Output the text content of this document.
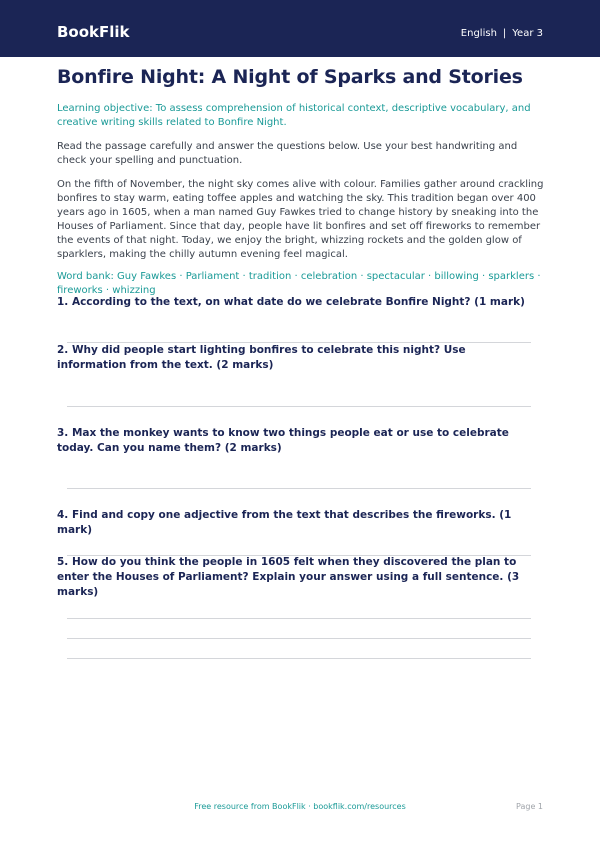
BookFlik	English | Year 3
Bonfire Night: A Night of Sparks and Stories

Learning objective: To assess comprehension of historical context, descriptive vocabulary, and creative writing skills related to Bonfire Night.

Read the passage carefully and answer the questions below. Use your best handwriting and check your spelling and punctuation.

On the fifth of November, the night sky comes alive with colour. Families gather around crackling bonfires to stay warm, eating toffee apples and watching the sky. This tradition began over 400 years ago in 1605, when a man named Guy Fawkes tried to change history by sneaking into the Houses of Parliament. Since that day, people have lit bonfires and set off fireworks to remember the events of that night. Today, we enjoy the bright, whizzing rockets and the golden glow of sparklers, making the chilly autumn evening feel magical.

Word bank: Guy Fawkes · Parliament · tradition · celebration · spectacular · billowing · sparklers · fireworks · whizzing

1. According to the text, on what date do we celebrate Bonfire Night? (1 mark)
2. Why did people start lighting bonfires to celebrate this night? Use information from the text. (2 marks)
3. Max the monkey wants to know two things people eat or use to celebrate today. Can you name them? (2 marks)
4. Find and copy one adjective from the text that describes the fireworks. (1 mark)
5. How do you think the people in 1605 felt when they discovered the plan to enter the Houses of Parliament? Explain your answer using a full sentence. (3 marks)
Free resource from BookFlik · bookflik.com/resources	Page 1
